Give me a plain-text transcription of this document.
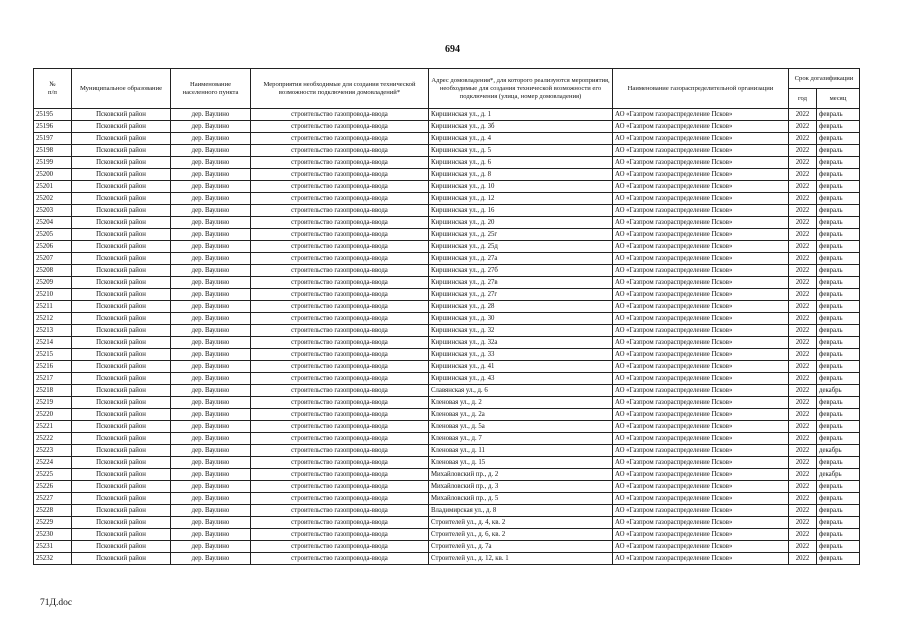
694
№
п/п	Муниципальное образование	Наименование населенного пункта	Мероприятия необходимые для создания технической возможности подключения домовладений*	Адрес домовладения*, для которого реализуются мероприятия, необходимые для создания технической возможности его подключения (улица, номер домовладения)	Наименование газораспределительной организации	Срок догазификации	
						год	месяц
25195	Псковский район	дер. Ваулино	строительство газопровода-ввода	Киршинская ул., д. 1	АО «Газпром газораспределение Псков»	2022	февраль
25196	Псковский район	дер. Ваулино	строительство газопровода-ввода	Киршинская ул., д. 3б	АО «Газпром газораспределение Псков»	2022	февраль
25197	Псковский район	дер. Ваулино	строительство газопровода-ввода	Киршинская ул., д. 4	АО «Газпром газораспределение Псков»	2022	февраль
25198	Псковский район	дер. Ваулино	строительство газопровода-ввода	Киршинская ул., д. 5	АО «Газпром газораспределение Псков»	2022	февраль
25199	Псковский район	дер. Ваулино	строительство газопровода-ввода	Киршинская ул., д. 6	АО «Газпром газораспределение Псков»	2022	февраль
25200	Псковский район	дер. Ваулино	строительство газопровода-ввода	Киршинская ул., д. 8	АО «Газпром газораспределение Псков»	2022	февраль
25201	Псковский район	дер. Ваулино	строительство газопровода-ввода	Киршинская ул., д. 10	АО «Газпром газораспределение Псков»	2022	февраль
25202	Псковский район	дер. Ваулино	строительство газопровода-ввода	Киршинская ул., д. 12	АО «Газпром газораспределение Псков»	2022	февраль
25203	Псковский район	дер. Ваулино	строительство газопровода-ввода	Киршинская ул., д. 16	АО «Газпром газораспределение Псков»	2022	февраль
25204	Псковский район	дер. Ваулино	строительство газопровода-ввода	Киршинская ул., д. 20	АО «Газпром газораспределение Псков»	2022	февраль
25205	Псковский район	дер. Ваулино	строительство газопровода-ввода	Киршинская ул., д. 25г	АО «Газпром газораспределение Псков»	2022	февраль
25206	Псковский район	дер. Ваулино	строительство газопровода-ввода	Киршинская ул., д. 25д	АО «Газпром газораспределение Псков»	2022	февраль
25207	Псковский район	дер. Ваулино	строительство газопровода-ввода	Киршинская ул., д. 27а	АО «Газпром газораспределение Псков»	2022	февраль
25208	Псковский район	дер. Ваулино	строительство газопровода-ввода	Киршинская ул., д. 27б	АО «Газпром газораспределение Псков»	2022	февраль
25209	Псковский район	дер. Ваулино	строительство газопровода-ввода	Киршинская ул., д. 27в	АО «Газпром газораспределение Псков»	2022	февраль
25210	Псковский район	дер. Ваулино	строительство газопровода-ввода	Киршинская ул., д. 27г	АО «Газпром газораспределение Псков»	2022	февраль
25211	Псковский район	дер. Ваулино	строительство газопровода-ввода	Киршинская ул., д. 28	АО «Газпром газораспределение Псков»	2022	февраль
25212	Псковский район	дер. Ваулино	строительство газопровода-ввода	Киршинская ул., д. 30	АО «Газпром газораспределение Псков»	2022	февраль
25213	Псковский район	дер. Ваулино	строительство газопровода-ввода	Киршинская ул., д. 32	АО «Газпром газораспределение Псков»	2022	февраль
25214	Псковский район	дер. Ваулино	строительство газопровода-ввода	Киршинская ул., д. 32а	АО «Газпром газораспределение Псков»	2022	февраль
25215	Псковский район	дер. Ваулино	строительство газопровода-ввода	Киршинская ул., д. 33	АО «Газпром газораспределение Псков»	2022	февраль
25216	Псковский район	дер. Ваулино	строительство газопровода-ввода	Киршинская ул., д. 41	АО «Газпром газораспределение Псков»	2022	февраль
25217	Псковский район	дер. Ваулино	строительство газопровода-ввода	Киршинская ул., д. 43	АО «Газпром газораспределение Псков»	2022	февраль
25218	Псковский район	дер. Ваулино	строительство газопровода-ввода	Славянская ул., д. 6	АО «Газпром газораспределение Псков»	2022	декабрь
25219	Псковский район	дер. Ваулино	строительство газопровода-ввода	Кленовая ул., д. 2	АО «Газпром газораспределение Псков»	2022	февраль
25220	Псковский район	дер. Ваулино	строительство газопровода-ввода	Кленовая ул., д. 2а	АО «Газпром газораспределение Псков»	2022	февраль
25221	Псковский район	дер. Ваулино	строительство газопровода-ввода	Кленовая ул., д. 5а	АО «Газпром газораспределение Псков»	2022	февраль
25222	Псковский район	дер. Ваулино	строительство газопровода-ввода	Кленовая ул., д. 7	АО «Газпром газораспределение Псков»	2022	февраль
25223	Псковский район	дер. Ваулино	строительство газопровода-ввода	Кленовая ул., д. 11	АО «Газпром газораспределение Псков»	2022	декабрь
25224	Псковский район	дер. Ваулино	строительство газопровода-ввода	Кленовая ул., д. 15	АО «Газпром газораспределение Псков»	2022	февраль
25225	Псковский район	дер. Ваулино	строительство газопровода-ввода	Михайловский пр., д. 2	АО «Газпром газораспределение Псков»	2022	декабрь
25226	Псковский район	дер. Ваулино	строительство газопровода-ввода	Михайловский пр., д. 3	АО «Газпром газораспределение Псков»	2022	февраль
25227	Псковский район	дер. Ваулино	строительство газопровода-ввода	Михайловский пр., д. 5	АО «Газпром газораспределение Псков»	2022	февраль
25228	Псковский район	дер. Ваулино	строительство газопровода-ввода	Владимирская ул., д. 8	АО «Газпром газораспределение Псков»	2022	февраль
25229	Псковский район	дер. Ваулино	строительство газопровода-ввода	Строителей ул., д. 4, кв. 2	АО «Газпром газораспределение Псков»	2022	февраль
25230	Псковский район	дер. Ваулино	строительство газопровода-ввода	Строителей ул., д. 6, кв. 2	АО «Газпром газораспределение Псков»	2022	февраль
25231	Псковский район	дер. Ваулино	строительство газопровода-ввода	Строителей ул., д. 7а	АО «Газпром газораспределение Псков»	2022	февраль
25232	Псковский район	дер. Ваулино	строительство газопровода-ввода	Строителей ул., д. 12, кв. 1	АО «Газпром газораспределение Псков»	2022	февраль
71Д.doc
